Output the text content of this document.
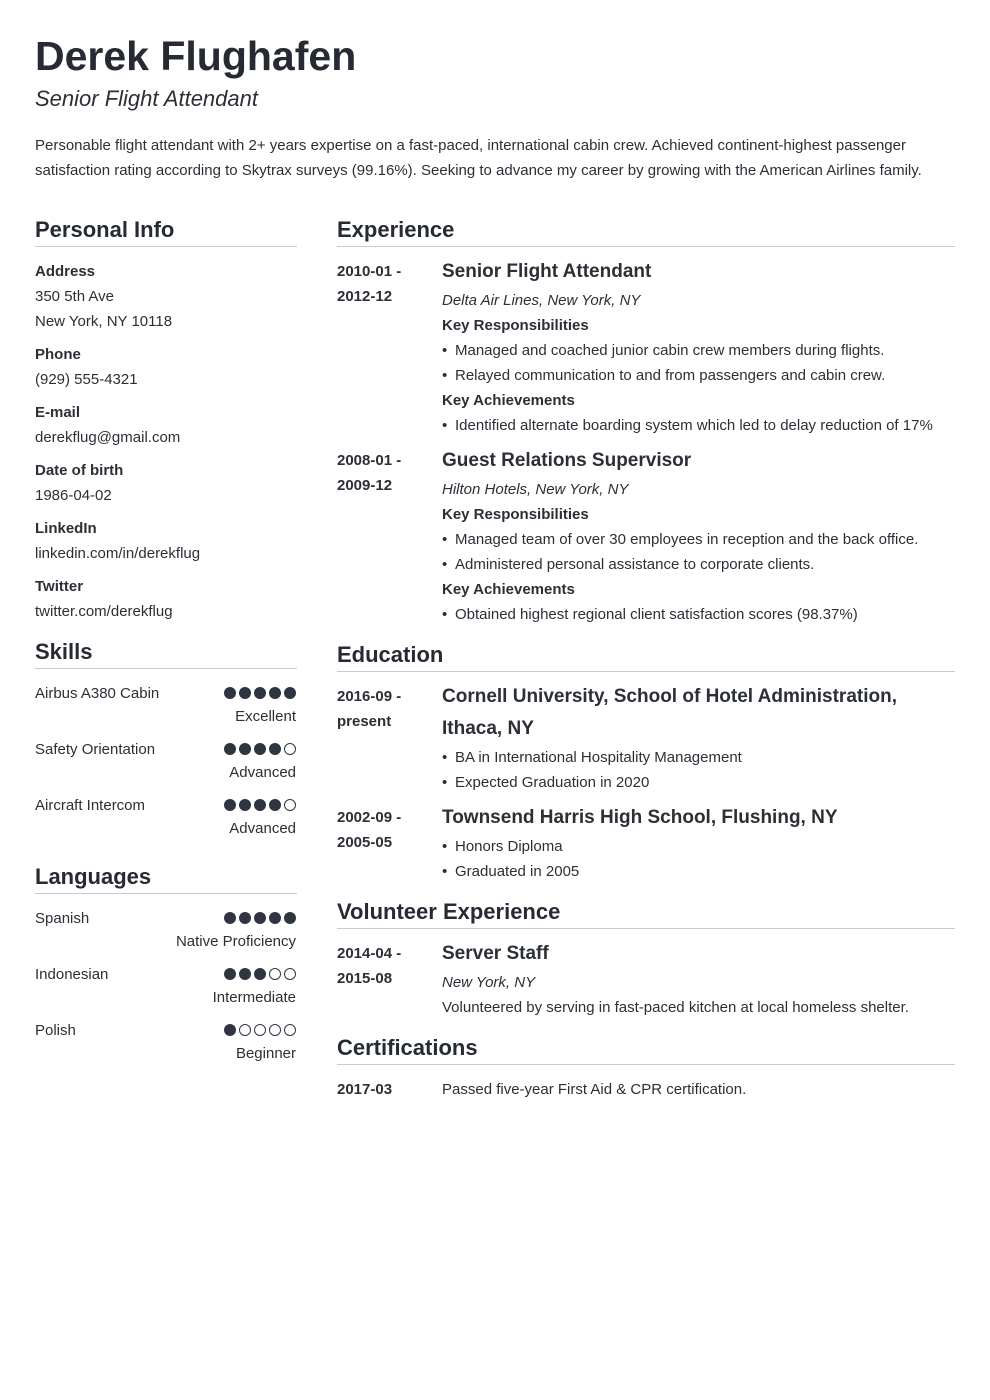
Derek Flughafen
Senior Flight Attendant
Personable flight attendant with 2+ years expertise on a fast-paced, international cabin crew. Achieved continent-highest passenger satisfaction rating according to Skytrax surveys (99.16%). Seeking to advance my career by growing with the American Airlines family.
Personal Info
Address
350 5th Ave
New York, NY 10118
Phone
(929) 555-4321
E-mail
derekflug@gmail.com
Date of birth
1986-04-02
LinkedIn
linkedin.com/in/derekflug
Twitter
twitter.com/derekflug
Skills
Airbus A380 Cabin
Excellent
Safety Orientation
Advanced
Aircraft Intercom
Advanced
Languages
Spanish
Native Proficiency
Indonesian
Intermediate
Polish
Beginner
Experience
2010-01 -
2012-12
Senior Flight Attendant
Delta Air Lines, New York, NY
Key Responsibilities
• Managed and coached junior cabin crew members during flights.
• Relayed communication to and from passengers and cabin crew.
Key Achievements
• Identified alternate boarding system which led to delay reduction of 17%
2008-01 -
2009-12
Guest Relations Supervisor
Hilton Hotels, New York, NY
Key Responsibilities
• Managed team of over 30 employees in reception and the back office.
• Administered personal assistance to corporate clients.
Key Achievements
• Obtained highest regional client satisfaction scores (98.37%)
Education
2016-09 -
present
Cornell University, School of Hotel Administration, Ithaca, NY
• BA in International Hospitality Management
• Expected Graduation in 2020
2002-09 -
2005-05
Townsend Harris High School, Flushing, NY
• Honors Diploma
• Graduated in 2005
Volunteer Experience
2014-04 -
2015-08
Server Staff
New York, NY
Volunteered by serving in fast-paced kitchen at local homeless shelter.
Certifications
2017-03	Passed five-year First Aid & CPR certification.
